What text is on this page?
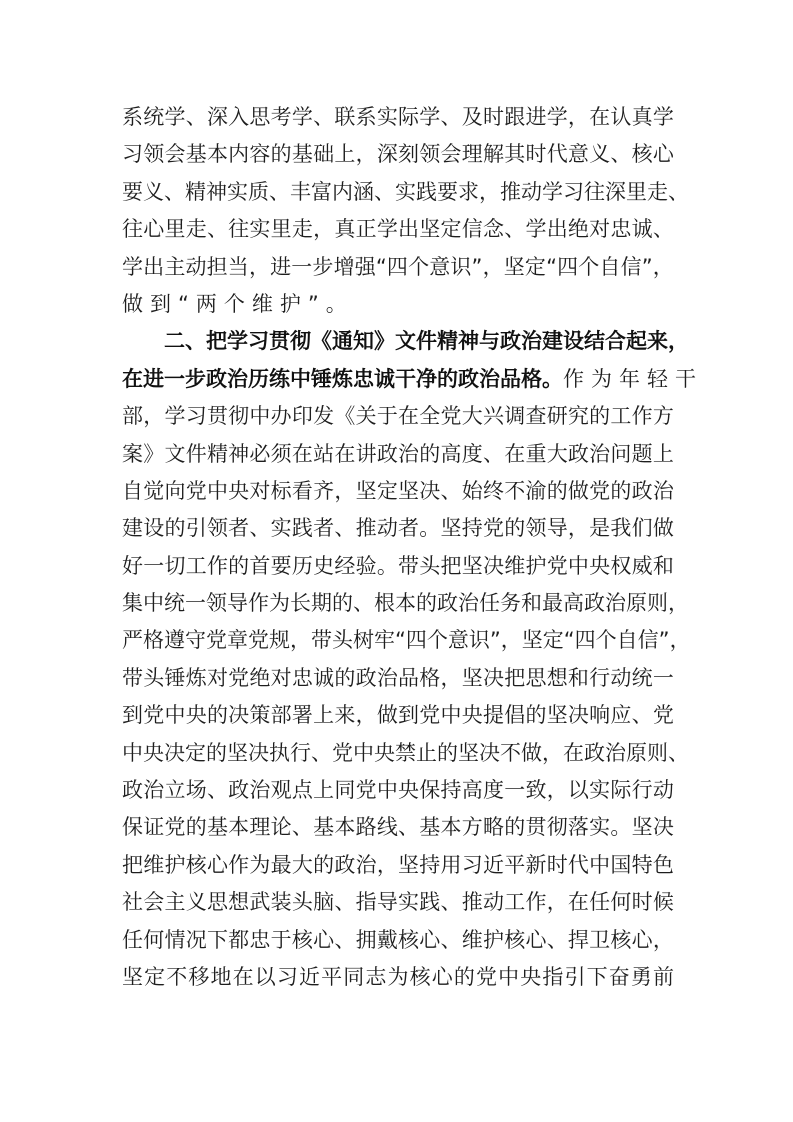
系 统 学 、 深 入 思 考 学 、 联 系 实 际 学 、 及 时 跟 进 学 ， 在 认 真 学
习 领 会 基 本 内 容 的 基 础 上 ， 深 刻 领 会 理 解 其 时 代 意 义 、 核 心
要 义 、 精 神 实 质 、 丰 富 内 涵 、 实 践 要 求 ， 推 动 学 习 往 深 里 走 、
往 心 里 走 、 往 实 里 走 ， 真 正 学 出 坚 定 信 念 、 学 出 绝 对 忠 诚 、
学 出 主 动 担 当 ， 进 一 步 增 强 “ 四 个 意 识 ” ， 坚 定 “ 四 个 自 信 ” ，
做到“两个维护”。
二 、 把 学 习 贯 彻 《 通 知 》 文 件 精 神 与 政 治 建 设 结 合 起 来 ，
在进一步政治历练中锤炼忠诚干净的政治品格。作为年轻干
部 ， 学 习 贯 彻 中 办 印 发 《 关 于 在 全 党 大 兴 调 查 研 究 的 工 作 方
案 》 文 件 精 神 必 须 在 站 在 讲 政 治 的 高 度 、 在 重 大 政 治 问 题 上
自 觉 向 党 中 央 对 标 看 齐 ， 坚 定 坚 决 、 始 终 不 渝 的 做 党 的 政 治
建 设 的 引 领 者 、 实 践 者 、 推 动 者 。 坚 持 党 的 领 导 ， 是 我 们 做
好 一 切 工 作 的 首 要 历 史 经 验 。 带 头 把 坚 决 维 护 党 中 央 权 威 和
集 中 统 一 领 导 作 为 长 期 的 、 根 本 的 政 治 任 务 和 最 高 政 治 原 则 ，
严 格 遵 守 党 章 党 规 ， 带 头 树 牢 “ 四 个 意 识 ” ， 坚 定 “ 四 个 自 信 ” ，
带 头 锤 炼 对 党 绝 对 忠 诚 的 政 治 品 格 ， 坚 决 把 思 想 和 行 动 统 一
到 党 中 央 的 决 策 部 署 上 来 ， 做 到 党 中 央 提 倡 的 坚 决 响 应 、 党
中 央 决 定 的 坚 决 执 行 、 党 中 央 禁 止 的 坚 决 不 做 ， 在 政 治 原 则 、
政 治 立 场 、 政 治 观 点 上 同 党 中 央 保 持 高 度 一 致 ， 以 实 际 行 动
保 证 党 的 基 本 理 论 、 基 本 路 线 、 基 本 方 略 的 贯 彻 落 实 。 坚 决
把 维 护 核 心 作 为 最 大 的 政 治 ， 坚 持 用 习 近 平 新 时 代 中 国 特 色
社 会 主 义 思 想 武 装 头 脑 、 指 导 实 践 、 推 动 工 作 ， 在 任 何 时 候
任 何 情 况 下 都 忠 于 核 心 、 拥 戴 核 心 、 维 护 核 心 、 捍 卫 核 心 ，
坚 定 不 移 地 在 以 习 近 平 同 志 为 核 心 的 党 中 央 指 引 下 奋 勇 前
